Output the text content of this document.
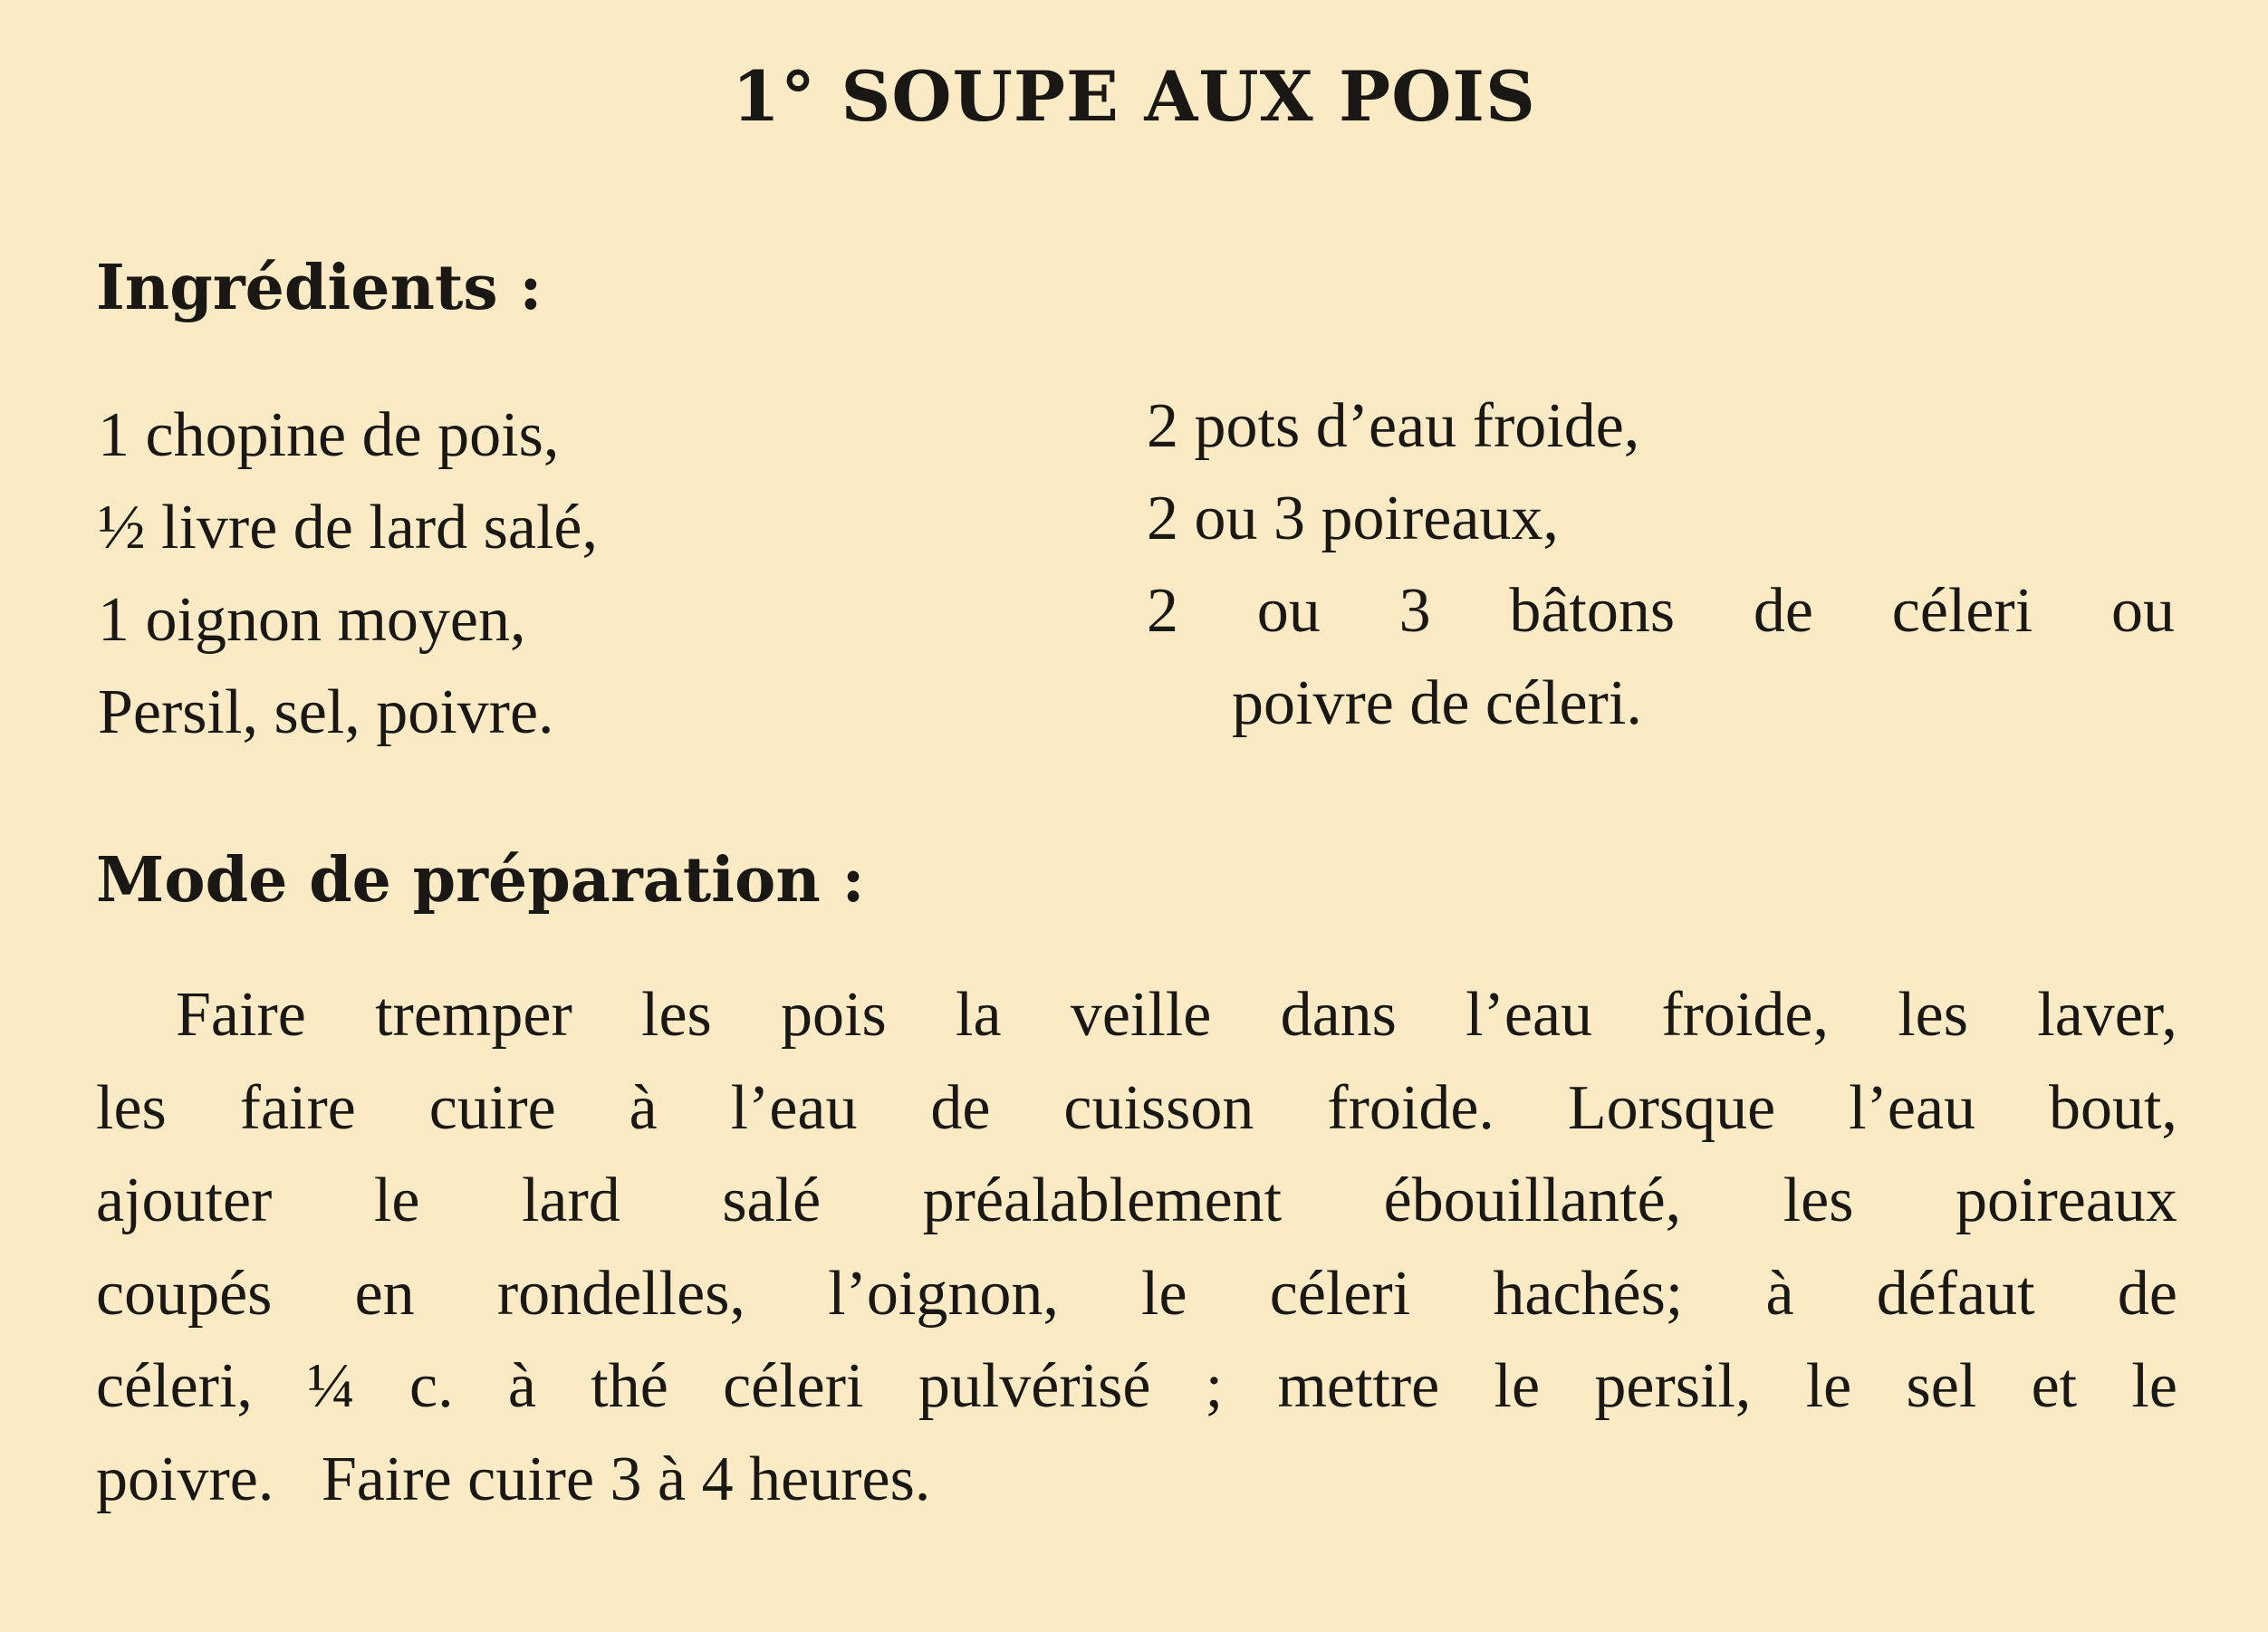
1° SOUPE AUX POIS
Ingrédients :
1 chopine de pois,
½ livre de lard salé,
1 oignon moyen,
Persil, sel, poivre.
2 pots d’eau froide,
2 ou 3 poireaux,
2 ou 3 bâtons de céleri ou
poivre de céleri.
Mode de préparation :
Faire tremper les pois la veille dans l’eau froide, les laver,
les faire cuire à l’eau de cuisson froide. Lorsque l’eau bout,
ajouter le lard salé préalablement ébouillanté, les poireaux
coupés en rondelles, l’oignon, le céleri hachés; à défaut de
céleri, ¼ c. à thé céleri pulvérisé ; mettre le persil, le sel et le
poivre.   Faire cuire 3 à 4 heures.
